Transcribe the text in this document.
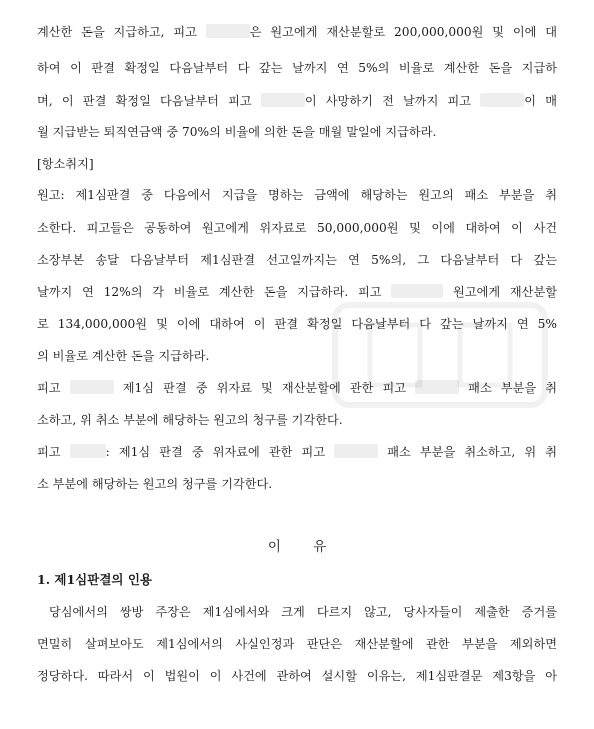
계산한 돈을 지급하고, 피고	은 원고에게 재산분할로 200,000,000원 및 이에 대
하여 이 판결 확정일 다음날부터 다 갚는 날까지 연 5%의 비율로 계산한 돈을 지급하
며, 이 판결 확정일 다음날부터 피고	이 사망하기 전 날까지 피고	이 매
월 지급받는 퇴직연금액 중 70%의 비율에 의한 돈을 매월 말일에 지급하라.
[항소취지]
원고: 제1심판결 중 다음에서 지급을 명하는 금액에 해당하는 원고의 패소 부분을 취
소한다. 피고들은 공동하여 원고에게 위자료로 50,000,000원 및 이에 대하여 이 사건
소장부본 송달 다음날부터 제1심판결 선고일까지는 연 5%의, 그 다음날부터 다 갚는
날까지 연 12%의 각 비율로 계산한 돈을 지급하라. 피고	원고에게 재산분할
로 134,000,000원 및 이에 대하여 이 판결 확정일 다음날부터 다 갚는 날까지 연 5%
의 비율로 계산한 돈을 지급하라.
피고	제1심 판결 중 위자료 및 재산분할에 관한 피고	패소 부분을 취
소하고, 위 취소 부분에 해당하는 원고의 청구를 기각한다.
피고	: 제1심 판결 중 위자료에 관한 피고	패소 부분을 취소하고, 위 취
소 부분에 해당하는 원고의 청구를 기각한다.
이 유
1. 제1심판결의 인용
당심에서의 쌍방 주장은 제1심에서와 크게 다르지 않고, 당사자들이 제출한 증거를
면밀히 살펴보아도 제1심에서의 사실인정과 판단은 재산분할에 관한 부분을 제외하면
정당하다. 따라서 이 법원이 이 사건에 관하여 설시할 이유는, 제1심판결문 제3항을 아
